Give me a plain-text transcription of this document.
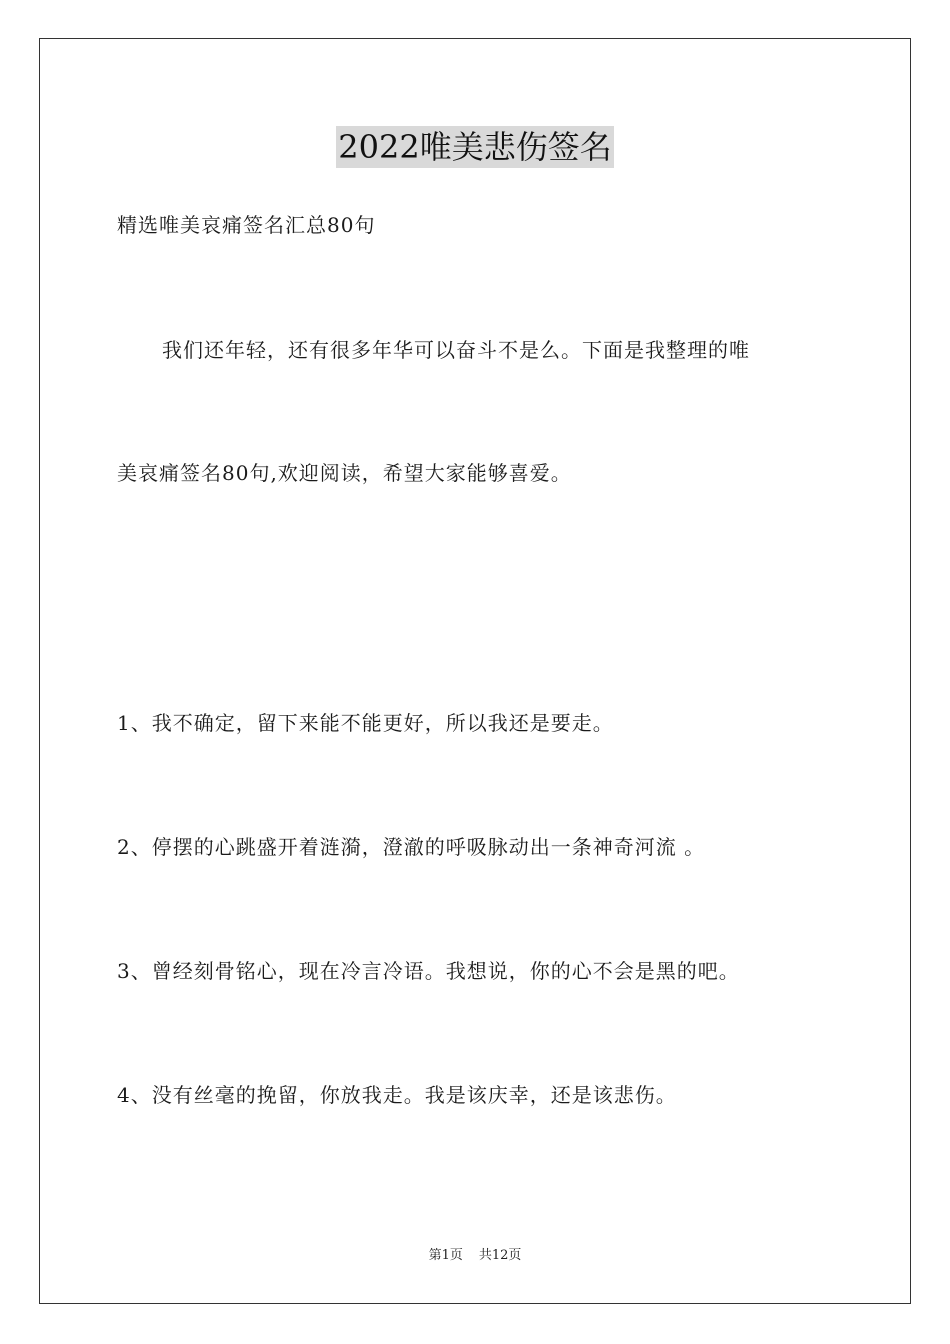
2022唯美悲伤签名
精选唯美哀痛签名汇总80句
我们还年轻，还有很多年华可以奋斗不是么。下面是我整理的唯
美哀痛签名80句,欢迎阅读，希望大家能够喜爱。
1、我不确定，留下来能不能更好，所以我还是要走。
2、停摆的心跳盛开着涟漪，澄澈的呼吸脉动出一条神奇河流 。
3、曾经刻骨铭心，现在冷言冷语。我想说，你的心不会是黑的吧。
4、没有丝毫的挽留，你放我走。我是该庆幸，还是该悲伤。
第1页 共12页
